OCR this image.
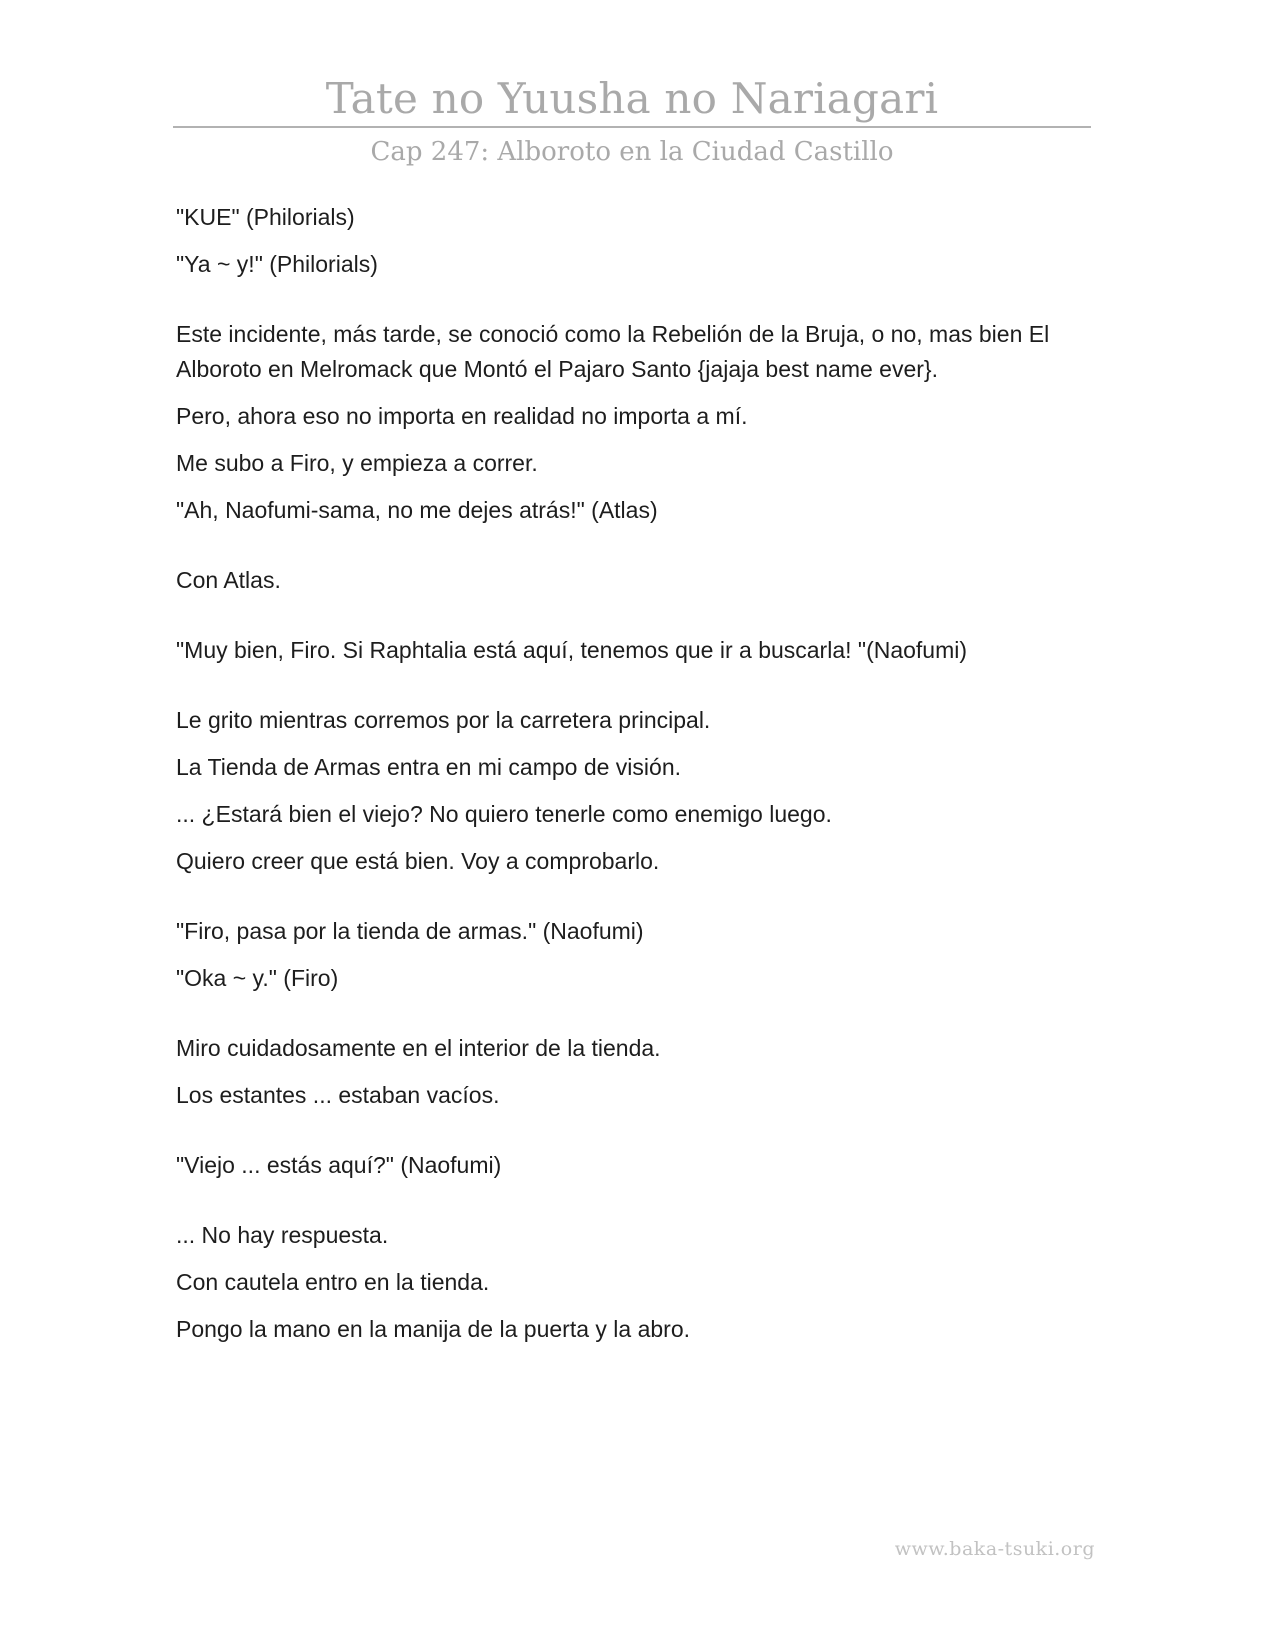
Tate no Yuusha no Nariagari
Cap 247: Alboroto en la Ciudad Castillo

"KUE" (Philorials)

"Ya ~ y!" (Philorials)

Este incidente, más tarde, se conoció como la Rebelión de la Bruja, o no, mas bien El Alboroto en Melromack que Montó el Pajaro Santo {jajaja best name ever}.

Pero, ahora eso no importa en realidad no importa a mí.

Me subo a Firo, y empieza a correr.

"Ah, Naofumi-sama, no me dejes atrás!" (Atlas)

Con Atlas.

"Muy bien, Firo. Si Raphtalia está aquí, tenemos que ir a buscarla! "(Naofumi)

Le grito mientras corremos por la carretera principal.

La Tienda de Armas entra en mi campo de visión.

... ¿Estará bien el viejo? No quiero tenerle como enemigo luego.

Quiero creer que está bien. Voy a comprobarlo.

"Firo, pasa por la tienda de armas." (Naofumi)

"Oka ~ y." (Firo)

Miro cuidadosamente en el interior de la tienda.

Los estantes ... estaban vacíos.

"Viejo ... estás aquí?" (Naofumi)

... No hay respuesta.

Con cautela entro en la tienda.

Pongo la mano en la manija de la puerta y la abro.

www.baka-tsuki.org
